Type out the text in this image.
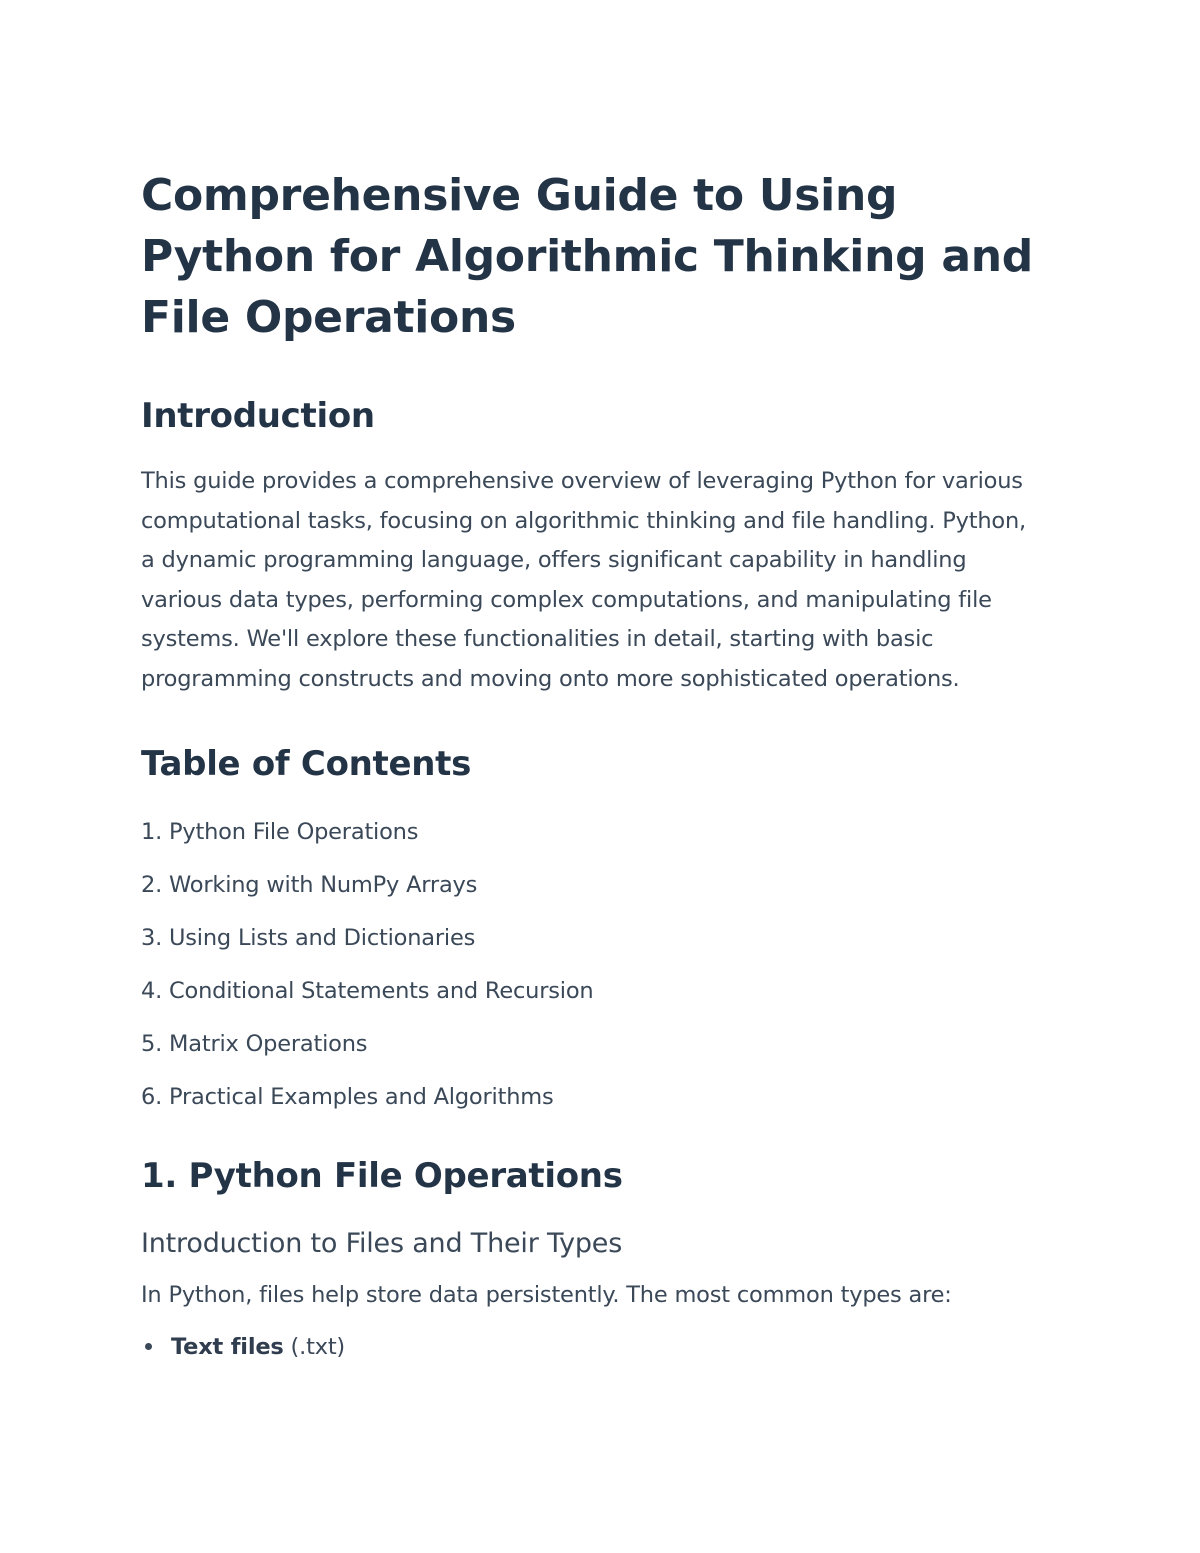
Comprehensive Guide to Using Python for Algorithmic Thinking and File Operations
Introduction

This guide provides a comprehensive overview of leveraging Python for various computational tasks, focusing on algorithmic thinking and file handling. Python, a dynamic programming language, offers significant capability in handling various data types, performing complex computations, and manipulating file systems. We'll explore these functionalities in detail, starting with basic programming constructs and moving onto more sophisticated operations.

Table of Contents
1. Python File Operations
2. Working with NumPy Arrays
3. Using Lists and Dictionaries
4. Conditional Statements and Recursion
5. Matrix Operations
6. Practical Examples and Algorithms
1. Python File Operations
Introduction to Files and Their Types

In Python, files help store data persistently. The most common types are:

Text files (.txt)
